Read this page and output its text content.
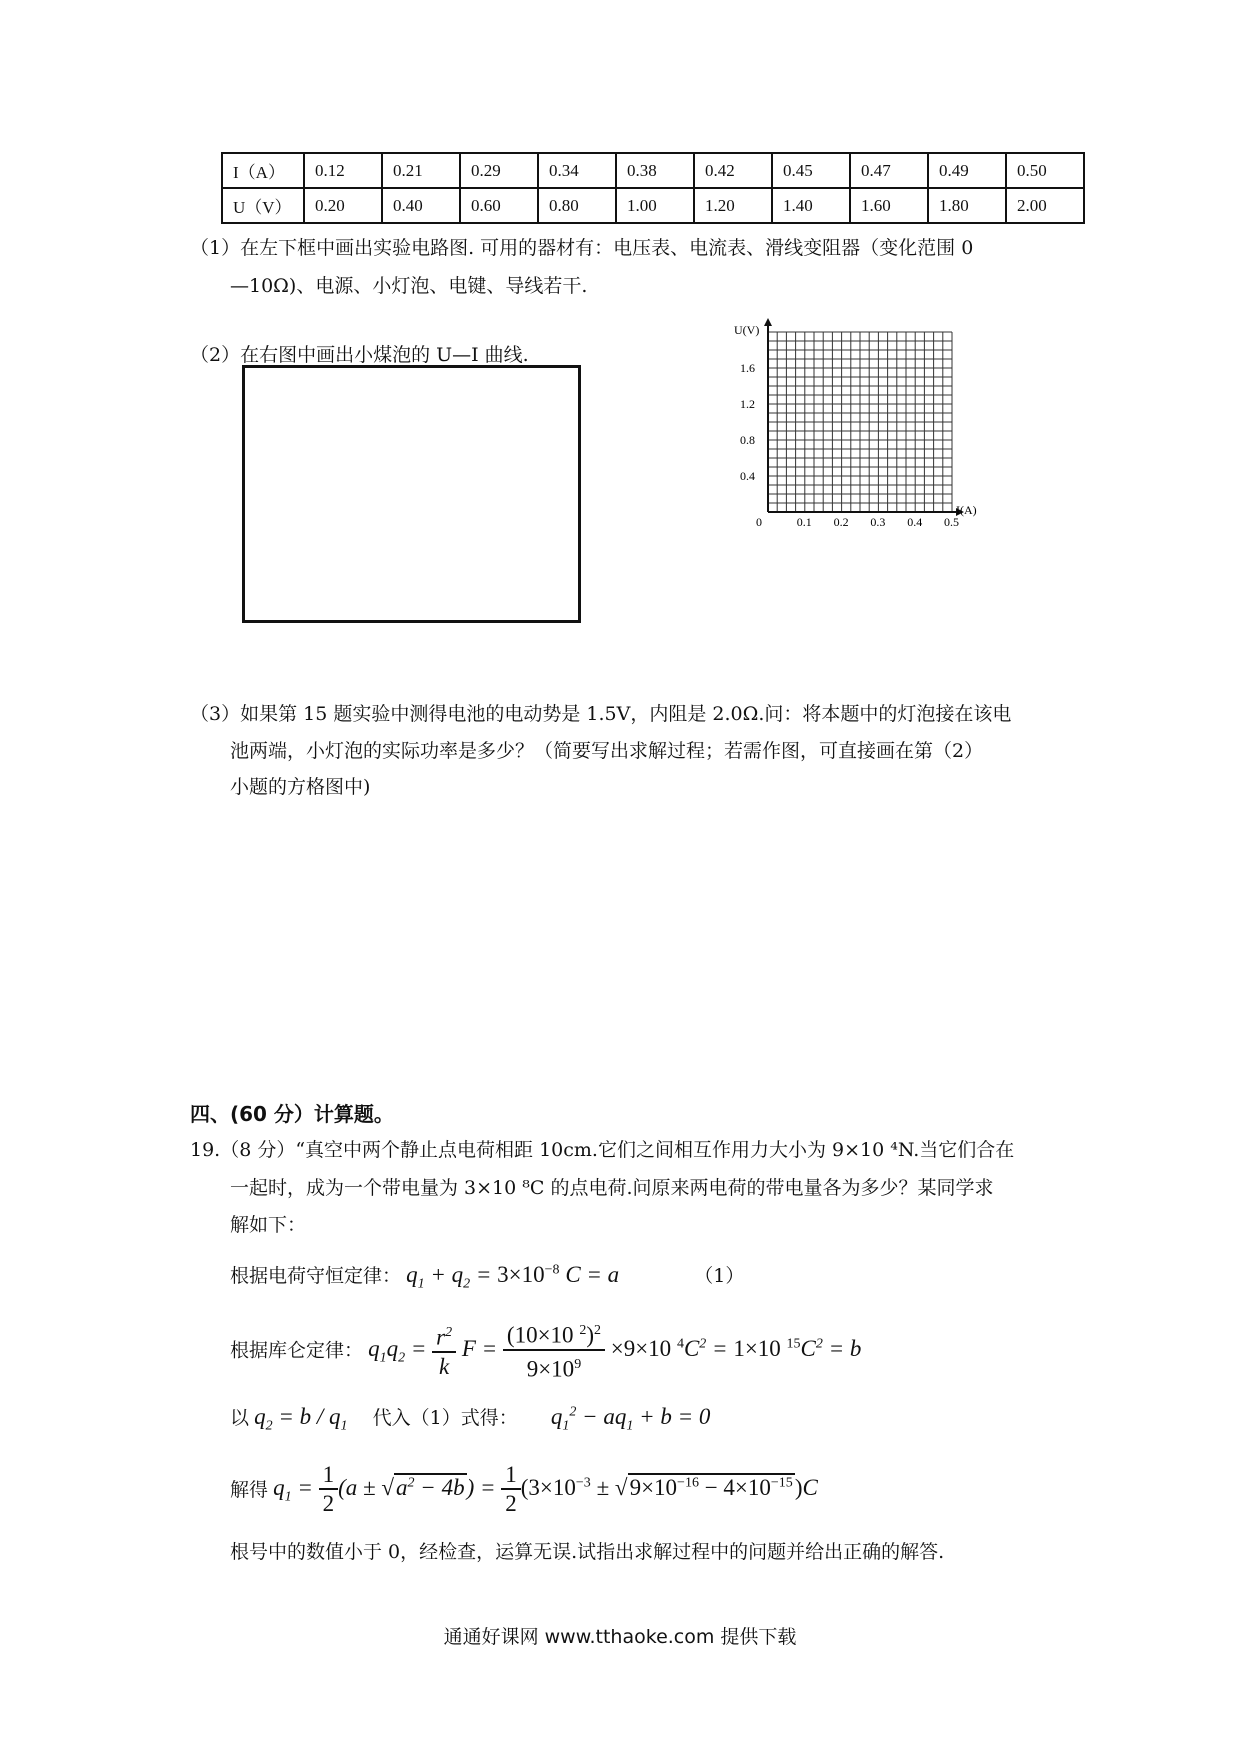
I（A）	0.12	0.21	0.29	0.34	0.38	0.42	0.45	0.47	0.49	0.50
U（V）	0.20	0.40	0.60	0.80	1.00	1.20	1.40	1.60	1.80	2.00
（1）在左下框中画出实验电路图. 可用的器材有：电压表、电流表、滑线变阻器（变化范围 0
—10Ω)、电源、小灯泡、电键、导线若干.
（2）在右图中画出小煤泡的 U—I 曲线.
U(V)
I(A)
0	0.1 0.2 0.3 0.4 0.5
0.4
0.8
1.2
1.6
（3）如果第 15 题实验中测得电池的电动势是 1.5V，内阻是 2.0Ω.问：将本题中的灯泡接在该电
池两端，小灯泡的实际功率是多少？（简要写出求解过程；若需作图，可直接画在第（2）
小题的方格图中)
四、(60 分）计算题。
19.（8 分）“真空中两个静止点电荷相距 10cm.它们之间相互作用力大小为 9×10 ⁴N.当它们合在
一起时，成为一个带电量为 3×10 ⁸C 的点电荷.问原来两电荷的带电量各为多少？某同学求
解如下：
根据电荷守恒定律： $q_1 + q_2 = 3\times 10^{-8}$ C = a	（1）
根据库仑定律： $q_1q_2 = \frac{r^2}{k}$ $F = \frac{(10\times 10 ^2)^2}{9\times 10^9} \times 9\times 10$ $^4C^2 = 1\times 10$ $^{15}C^2 = b$
以 $q_2 = b / q_1$ 代入（1）式得： $q_1^2 - aq_1 + b = 0$
解得 $q_1 = \frac{1}{2} (a \pm √a^2 - 4b) = \frac{1}{2} (3\times 10^{-3} \pm √9\times 10^{-16} - 4\times 10^{-15})C$
根号中的数值小于 0，经检查，运算无误.试指出求解过程中的问题并给出正确的解答.
通通好课网 www.tthaoke.com 提供下载
